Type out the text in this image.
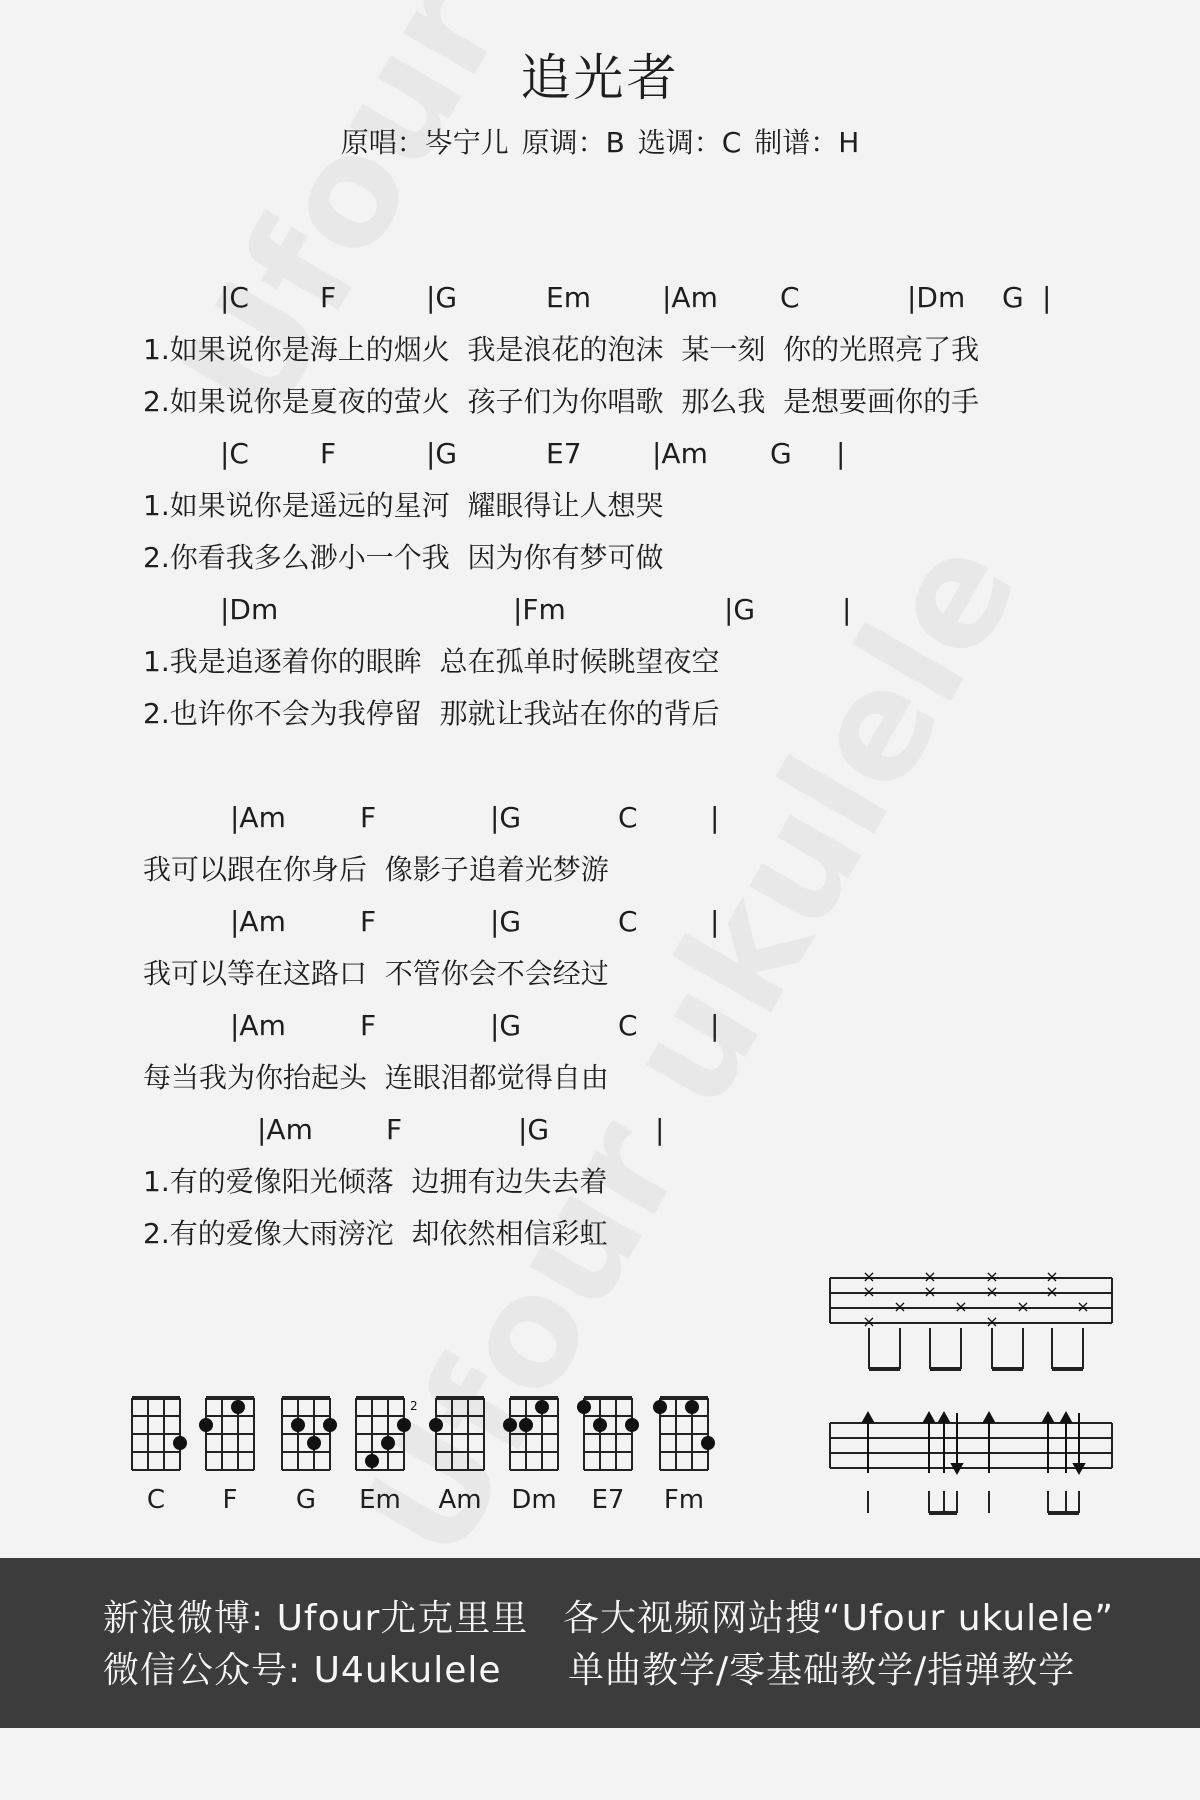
追光者
原唱：岑宁儿 原调：B 选调：C 制谱：H
|C	F	|G	Em	|Am C	|Dm G |
1.如果说你是海上的烟火  我是浪花的泡沫  某一刻  你的光照亮了我
2.如果说你是夏夜的萤火  孩子们为你唱歌  那么我  是想要画你的手
|C	F	|G	E7	|Am G |
1.如果说你是遥远的星河  耀眼得让人想哭
2.你看我多么渺小一个我  因为你有梦可做
|Dm	|Fm	|G	|
1.我是追逐着你的眼眸  总在孤单时候眺望夜空
2.也许你不会为我停留  那就让我站在你的背后
|Am	F	|G	C	|
我可以跟在你身后  像影子追着光梦游
|Am	F	|G	C	|
我可以等在这路口  不管你会不会经过
|Am	F	|G	C	|
每当我为你抬起头  连眼泪都觉得自由
|Am	F	|G	|
1.有的爱像阳光倾落  边拥有边失去着
2.有的爱像大雨滂沱  却依然相信彩虹
C	F	G
2
Em	Am	Dm	E7	Fm
×
×
×
×
×
×
×
×
×
×
×
×
×
×
新浪微博: Ufour尤克里里 各大视频网站搜“Ufour ukulele”
微信公众号: U4ukulele 单曲教学/零基础教学/指弹教学
